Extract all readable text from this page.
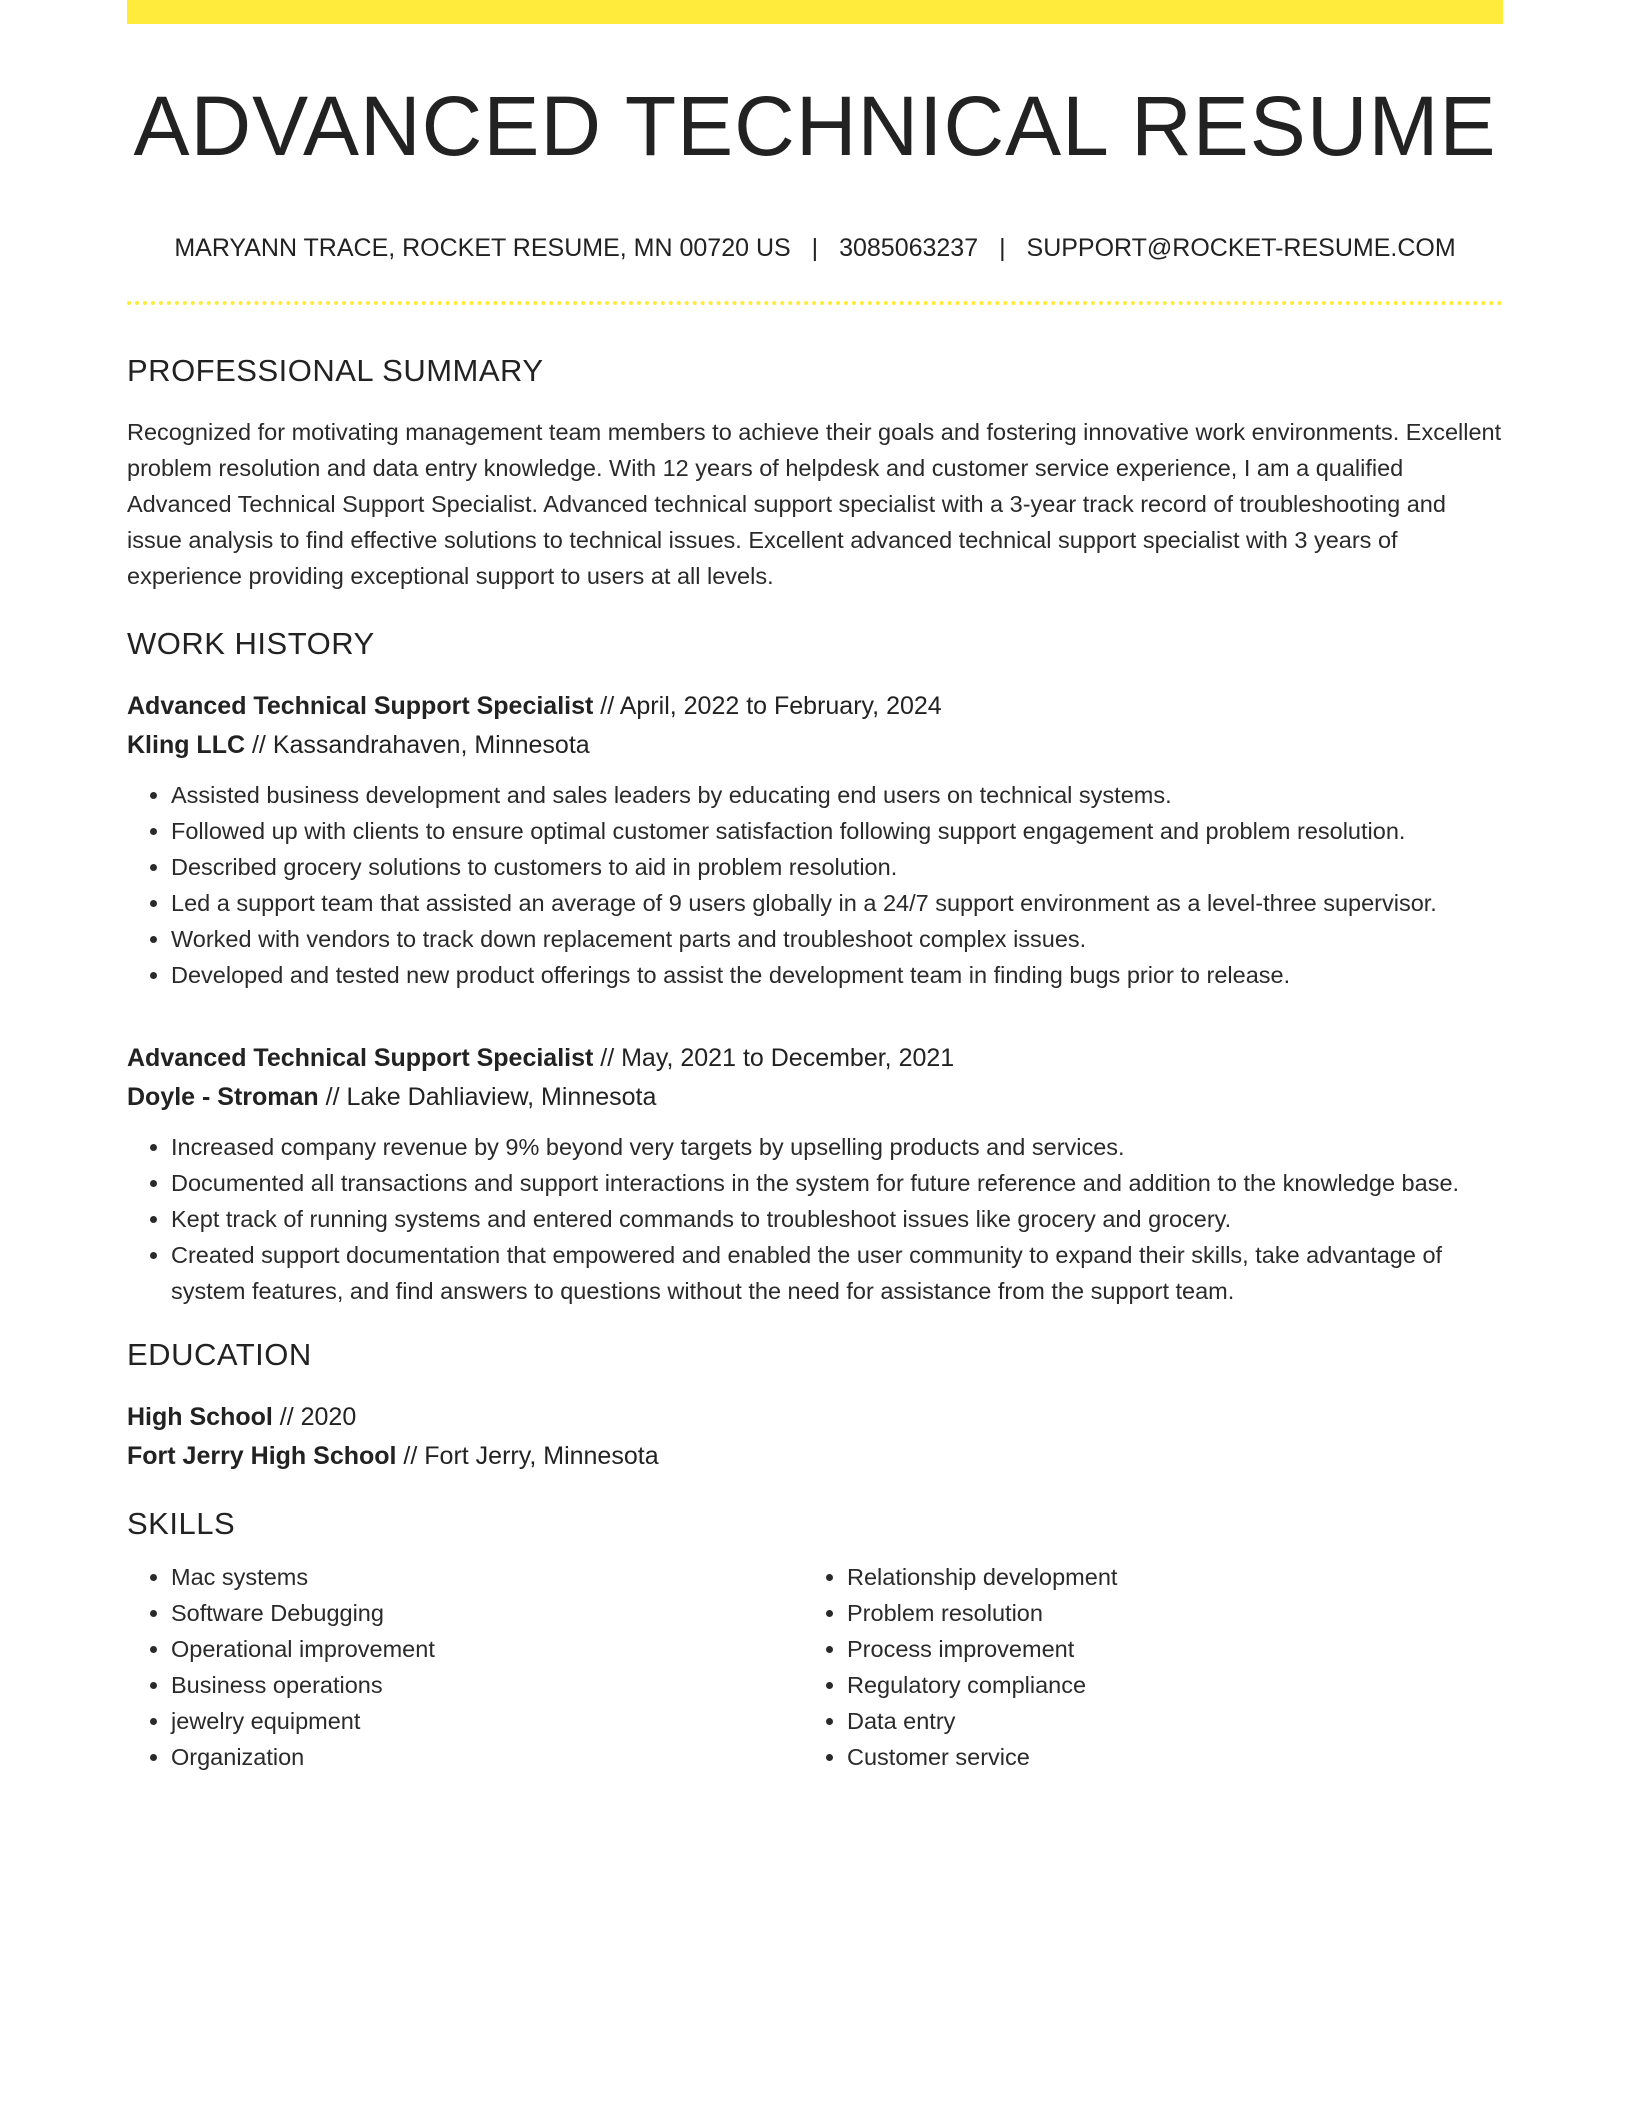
ADVANCED TECHNICAL RESUME
MARYANN TRACE, ROCKET RESUME, MN 00720 US | 3085063237 | SUPPORT@ROCKET-RESUME.COM
PROFESSIONAL SUMMARY

Recognized for motivating management team members to achieve their goals and fostering innovative work environments. Excellent problem resolution and data entry knowledge. With 12 years of helpdesk and customer service experience, I am a qualified Advanced Technical Support Specialist. Advanced technical support specialist with a 3-year track record of troubleshooting and issue analysis to find effective solutions to technical issues. Excellent advanced technical support specialist with 3 years of experience providing exceptional support to users at all levels.

WORK HISTORY
Advanced Technical Support Specialist // April, 2022 to February, 2024
Kling LLC // Kassandrahaven, Minnesota
• Assisted business development and sales leaders by educating end users on technical systems.
• Followed up with clients to ensure optimal customer satisfaction following support engagement and problem resolution.
• Described grocery solutions to customers to aid in problem resolution.
• Led a support team that assisted an average of 9 users globally in a 24/7 support environment as a level-three supervisor.
• Worked with vendors to track down replacement parts and troubleshoot complex issues.
• Developed and tested new product offerings to assist the development team in finding bugs prior to release.
Advanced Technical Support Specialist // May, 2021 to December, 2021
Doyle - Stroman // Lake Dahliaview, Minnesota
• Increased company revenue by 9% beyond very targets by upselling products and services.
• Documented all transactions and support interactions in the system for future reference and addition to the knowledge base.
• Kept track of running systems and entered commands to troubleshoot issues like grocery and grocery.
• Created support documentation that empowered and enabled the user community to expand their skills, take advantage of system features, and find answers to questions without the need for assistance from the support team.
EDUCATION
High School // 2020
Fort Jerry High School // Fort Jerry, Minnesota
SKILLS
• Mac systems
• Software Debugging
• Operational improvement
• Business operations
• jewelry equipment
• Organization
• Relationship development
• Problem resolution
• Process improvement
• Regulatory compliance
• Data entry
• Customer service
